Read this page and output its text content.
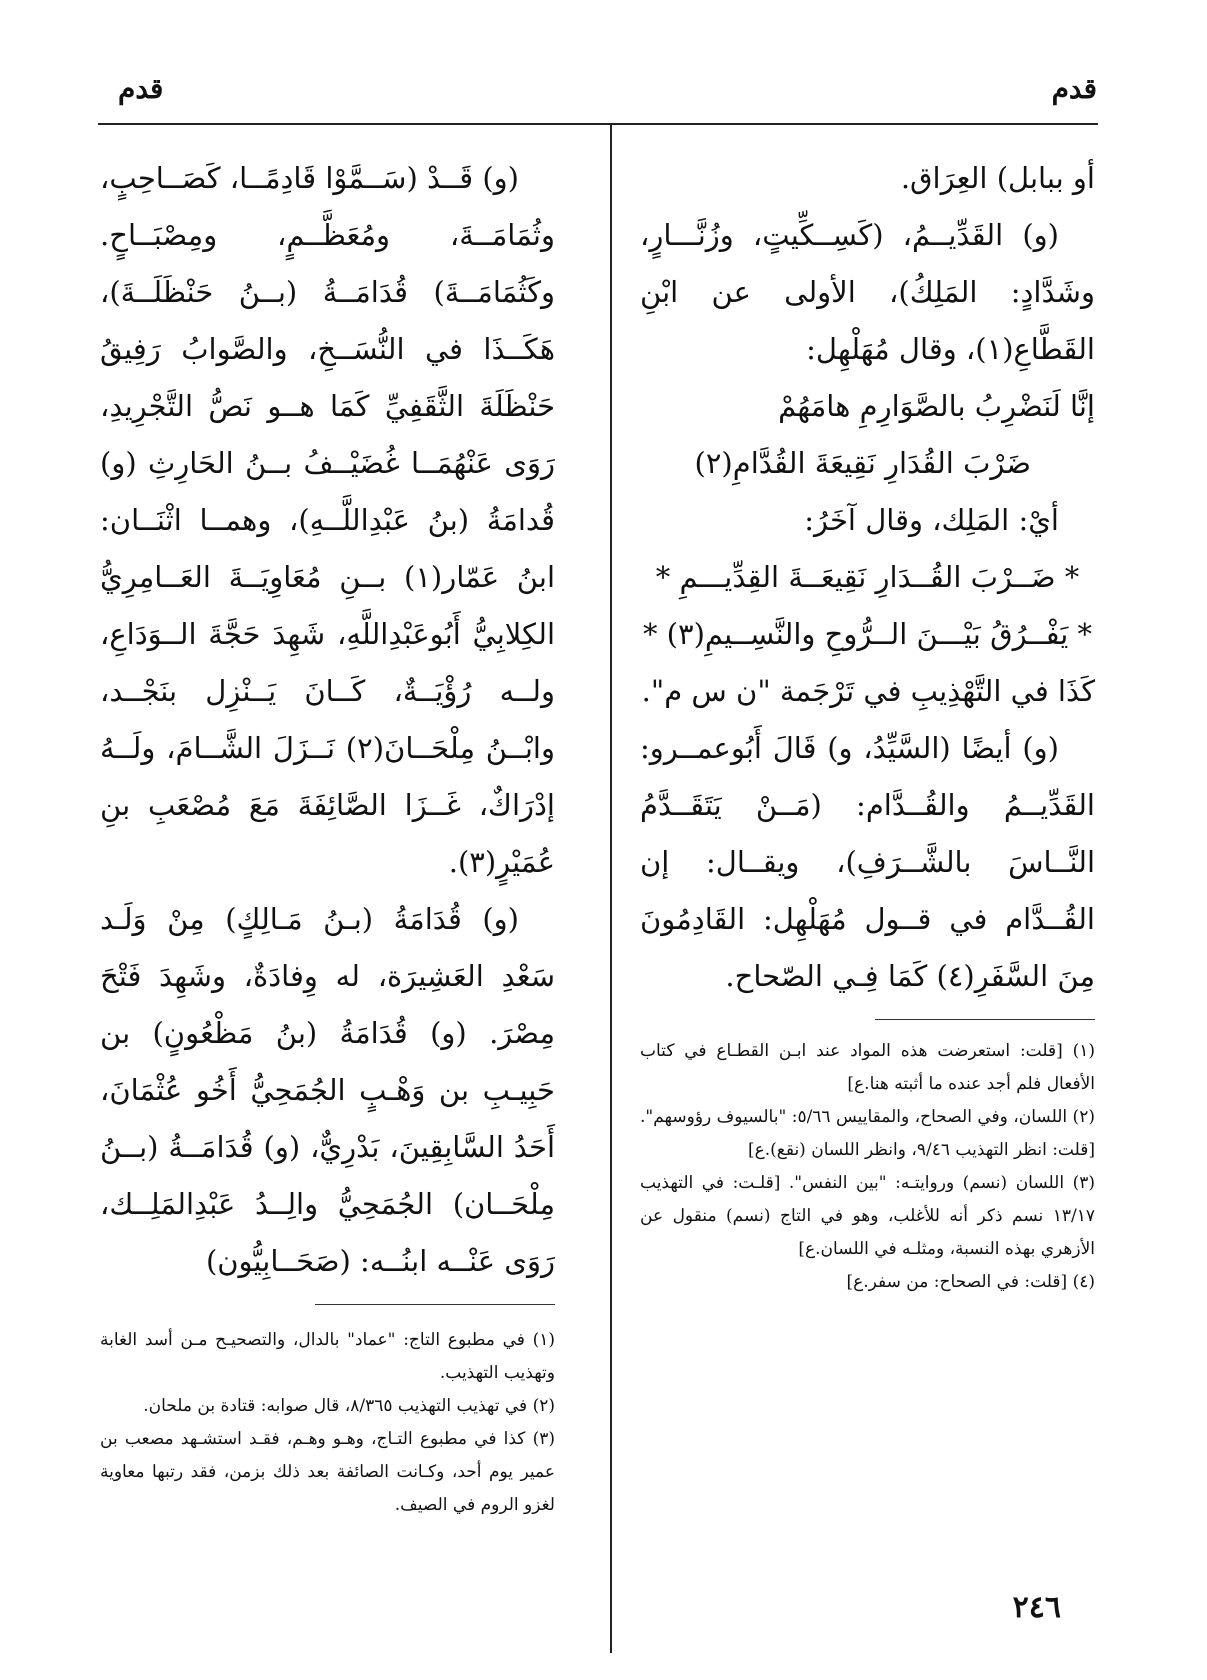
قدم
قدم

أو ببابل) العِرَاق.

(و) القَدِّيــمُ، (كَسِــكِّيتٍ، وزُنَّـــارٍ، وشَدَّادٍ: المَلِكُ)، الأولى عن ابْنِ القَطَّاعِ(١)، وقال مُهَلْهِل:

إنَّا لَنَضْرِبُ بالصَّوَارِمِ هامَهُمْ

ضَرْبَ القُدَارِ نَقِيعَةَ القُدَّامِ(٢)

أيْ: المَلِك، وقال آخَرُ:

* ضَــرْبَ القُــدَارِ نَقِيعَــةَ القِدِّيـــمِ *

* يَفْــرُقُ بَيْـــنَ الــرُّوحِ والنَّسِــيمِ(٣) *

كَذَا في التَّهْذِيبِ في تَرْجَمة "ن س م".

(و) أيضًا (السَّيِّدُ، و) قَالَ أَبُوعمــرو: القَدِّيــمُ والقُــدَّام: (مَــنْ يَتَقَــدَّمُ النَّــاسَ بالشَّــرَفِ)، ويقــال: إن القُــدَّام في قــول مُهَلْهِل: القَادِمُونَ مِنَ السَّفَرِ(٤) كَمَا فِـي الصّحاح.

(١) [قلت: استعرضت هذه المواد عند ابـن القطـاع في كتاب الأفعال فلم أجد عنده ما أثبته هنا.ع]

(٢) اللسان، وفي الصحاح، والمقاييس ٥/٦٦: "بالسيوف رؤوسهم". [قلت: انظر التهذيب ٩/٤٦، وانظر اللسان (نقع).ع]

(٣) اللسان (نسم) وروايتـه: "بين النفس". [قلـت: في التهذيب ١٣/١٧ نسم ذكر أنه للأغلب، وهو في التاج (نسم) منقول عن الأزهري بهذه النسبة، ومثلـه في اللسان.ع]

(٤) [قلت: في الصحاح: من سفر.ع]

(و) قَــدْ (سَــمَّوْا قَادِمًــا، كَصَــاحِبٍ، وثُمَامَــةَ، ومُعَظَّــمٍ، ومِصْبَــاحٍ. وكَثُمَامَــةَ) قُدَامَــةُ (بــنُ حَنْظَلَــةَ)، هَكَــذَا في النُّسَــخِ، والصَّوابُ رَفِيقُ حَنْظَلَةَ الثَّقَفِيِّ كَمَا هــو نَصُّ التَّجْرِيدِ، رَوَى عَنْهُمَــا غُضَيْــفُ بــنُ الحَارِثِ (و) قُدامَةُ (بنُ عَبْدِاللَّــهِ)، وهمــا اثْنَــان: ابنُ عَمّار(١) بــنِ مُعَاوِيَــةَ العَــامِرِيُّ الكِلابِيُّ أَبُوعَبْدِاللَّهِ، شَهِدَ حَجَّةَ الــوَدَاعِ، ولــه رُؤْيَــةٌ، كَــانَ يَــنْزِل بنَجْــد، وابْــنُ مِلْحَــانَ(٢) نَــزَلَ الشَّــامَ، ولَــهُ إدْرَاكٌ، غَــزَا الصَّائِفَةَ مَعَ مُصْعَبِ بنِ عُمَيْرٍ(٣).

(و) قُدَامَةُ (بـنُ مَـالِكٍ) مِنْ وَلَـد سَعْدِ العَشِيرَة، له وِفادَةٌ، وشَهِدَ فَتْحَ مِصْرَ. (و) قُدَامَةُ (بنُ مَظْعُونٍ) بن حَبِيـبِ بن وَهْـبٍ الجُمَحِيُّ أَخُو عُثْمَانَ، أَحَدُ السَّابِقِينَ، بَدْرِيٌّ، (و) قُدَامَــةُ (بــنُ مِلْحَــان) الجُمَحِيُّ والِــدُ عَبْدِالمَلِــك، رَوَى عَنْــه ابنُــه: (صَحَــابِيُّون)

(١) في مطبوع التاج: "عماد" بالدال، والتصحيـح مـن أسد الغابة وتهذيب التهذيب.

(٢) في تهذيب التهذيب ٨/٣٦٥، قال صوابه: قتادة بن ملحان.

(٣) كذا في مطبوع التـاج، وهـو وهـم، فقـد استشـهد مصعب بن عمير يوم أحد، وكـانت الصائفة بعد ذلك بزمن، فقد رتبها معاوية لغزو الروم في الصيف.

٢٤٦
